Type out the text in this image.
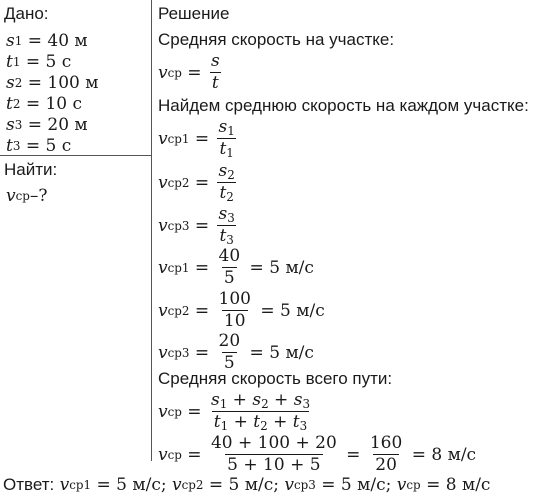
Дано:
s 1 = 40
м
t 1 = 5
с
s 2 = 100
м
t 2 = 10
с
s 3 = 20
м
t 3 = 5
с
Найти:
v ср –?
Решение
Средняя скорость на участке:
v ср = $\frac{s}{t}$
Найдем среднюю скорость на каждом участке:
v $ср1 = \frac{s_1}{t_1}$
v $ср2 = \frac{s_2}{t_2}$
v $ср3 = \frac{s_3}{t_3}$
v $ср1 = \frac{40}{5} = 5$
м/с
v $ср2 = \frac{100}{10} = 5$
м/с
v $ср3 = \frac{20}{5} = 5$
м/с
Средняя скорость всего пути:
v ср = $\frac{s_1 + s_2 + s_3}{t_1 + t_2 + t_3}$
v ср = $\frac{40 + 100 + 20}{5 + 10 + 5} = \frac{160}{20} = 8$
м/с
Ответ:
v ср1 = 5
м/с ;
v ср2 = 5
м/с ;
v ср3 = 5
м/с ;
v ср = 8
м/с
